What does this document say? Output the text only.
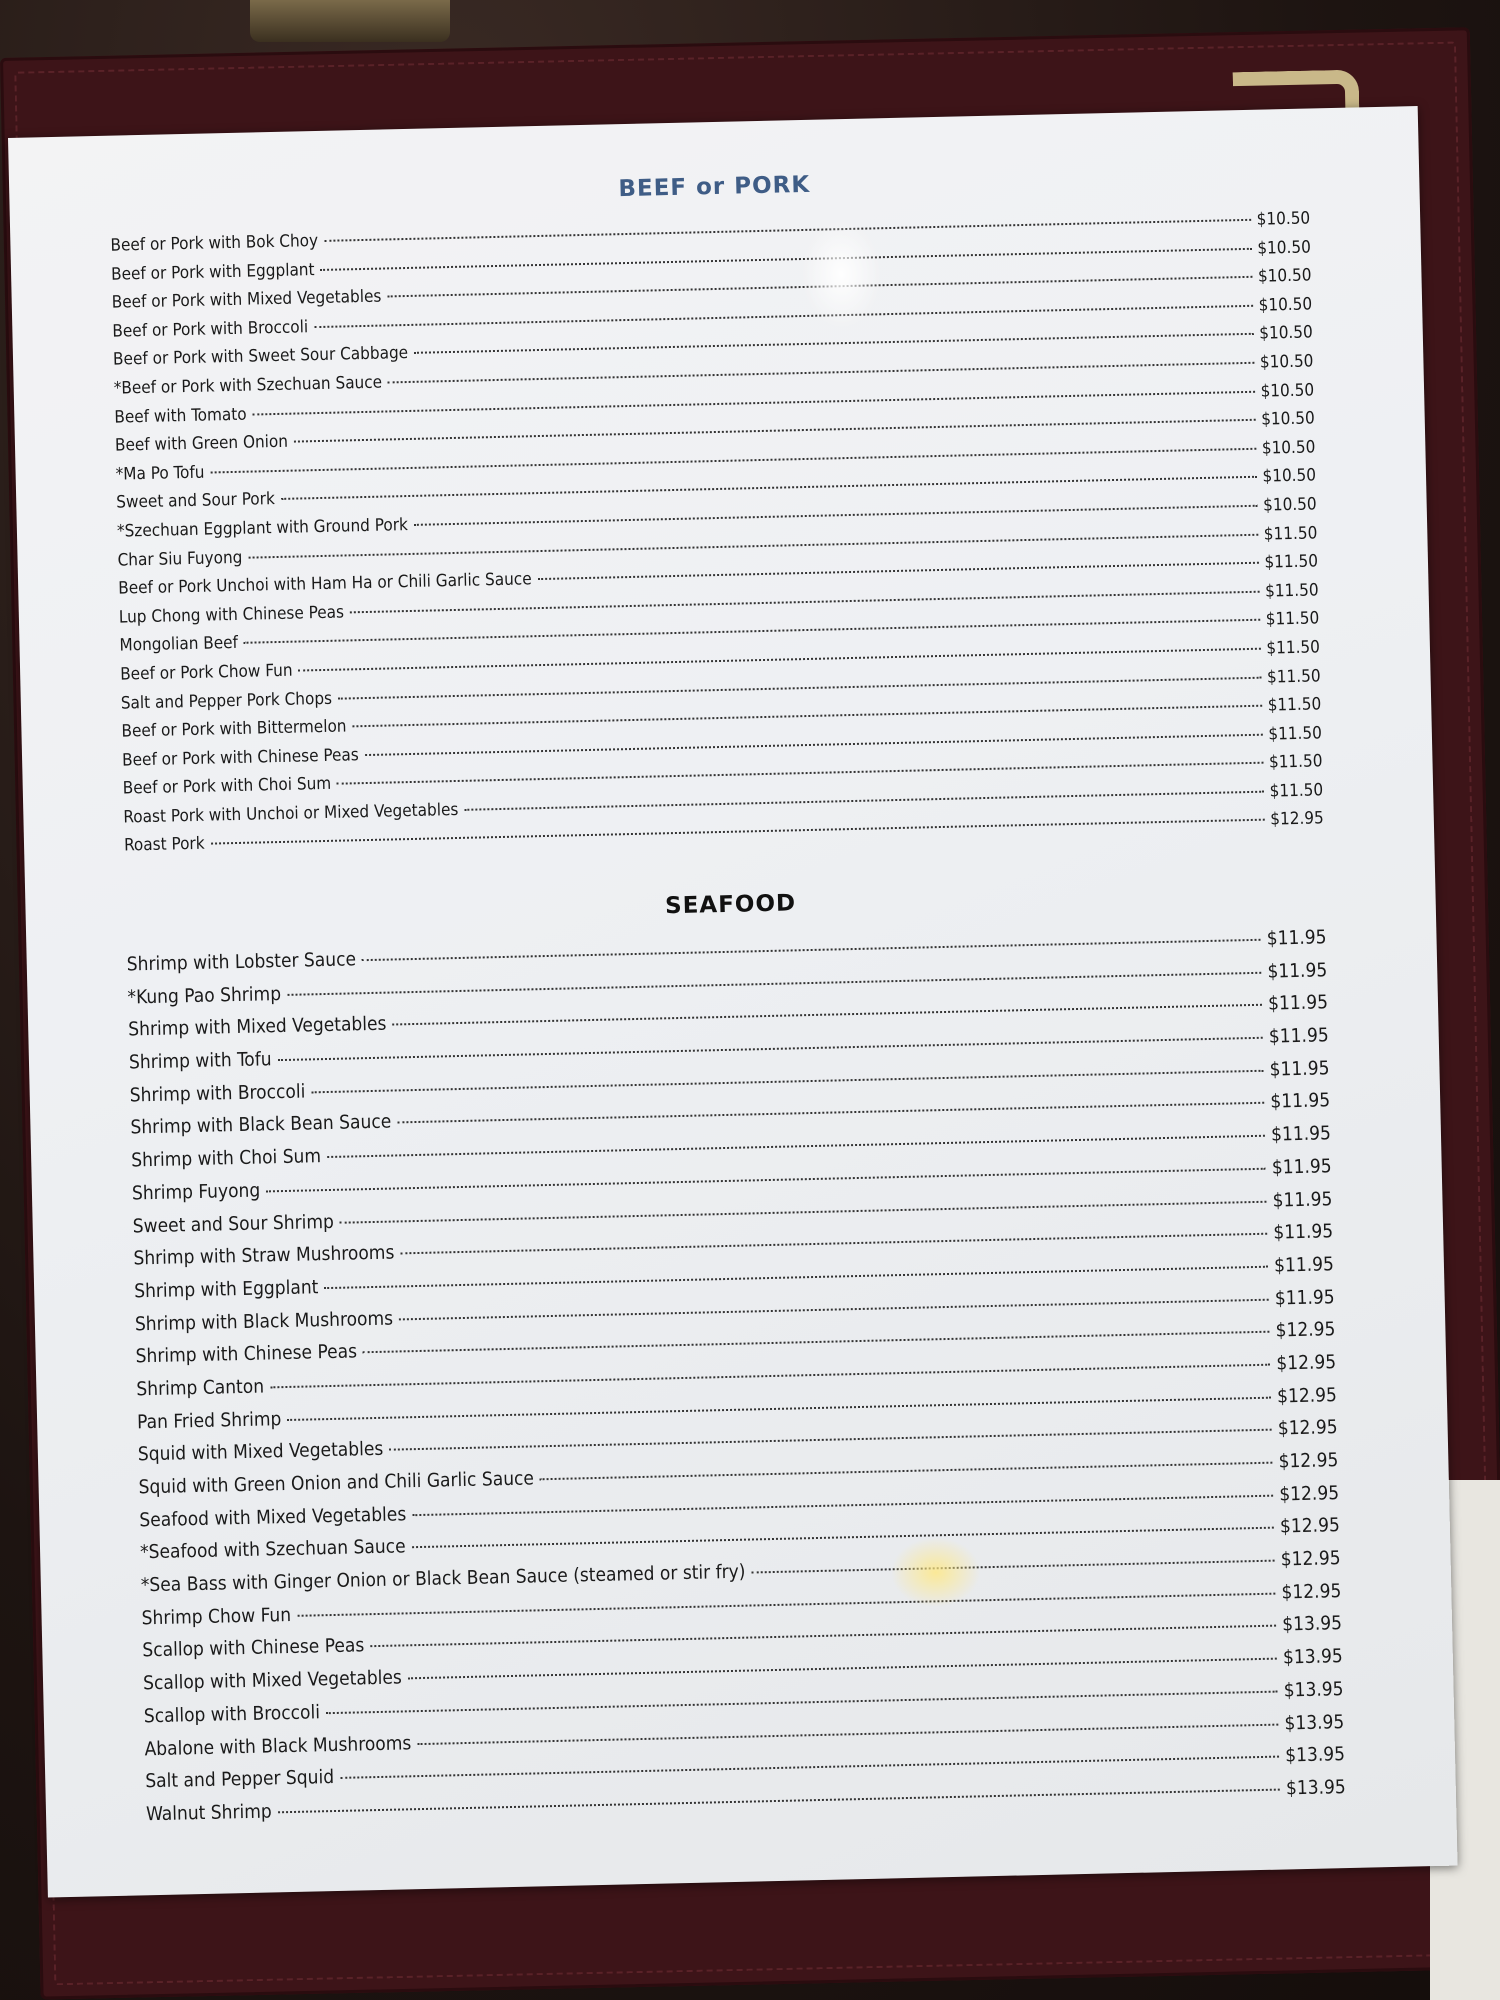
BEEF or PORK
Beef or Pork with Bok Choy
$10.50
Beef or Pork with Eggplant
$10.50
Beef or Pork with Mixed Vegetables
$10.50
Beef or Pork with Broccoli
$10.50
Beef or Pork with Sweet Sour Cabbage
$10.50
*Beef or Pork with Szechuan Sauce
$10.50
Beef with Tomato
$10.50
Beef with Green Onion
$10.50
*Ma Po Tofu
$10.50
Sweet and Sour Pork
$10.50
*Szechuan Eggplant with Ground Pork
$10.50
Char Siu Fuyong
$11.50
Beef or Pork Unchoi with Ham Ha or Chili Garlic Sauce
$11.50
Lup Chong with Chinese Peas
$11.50
Mongolian Beef
$11.50
Beef or Pork Chow Fun
$11.50
Salt and Pepper Pork Chops
$11.50
Beef or Pork with Bittermelon
$11.50
Beef or Pork with Chinese Peas
$11.50
Beef or Pork with Choi Sum
$11.50
Roast Pork with Unchoi or Mixed Vegetables
$11.50
Roast Pork
$12.95
SEAFOOD
Shrimp with Lobster Sauce
$11.95
*Kung Pao Shrimp
$11.95
Shrimp with Mixed Vegetables
$11.95
Shrimp with Tofu
$11.95
Shrimp with Broccoli
$11.95
Shrimp with Black Bean Sauce
$11.95
Shrimp with Choi Sum
$11.95
Shrimp Fuyong
$11.95
Sweet and Sour Shrimp
$11.95
Shrimp with Straw Mushrooms
$11.95
Shrimp with Eggplant
$11.95
Shrimp with Black Mushrooms
$11.95
Shrimp with Chinese Peas
$12.95
Shrimp Canton
$12.95
Pan Fried Shrimp
$12.95
Squid with Mixed Vegetables
$12.95
Squid with Green Onion and Chili Garlic Sauce
$12.95
Seafood with Mixed Vegetables
$12.95
*Seafood with Szechuan Sauce
$12.95
*Sea Bass with Ginger Onion or Black Bean Sauce (steamed or stir fry)
$12.95
Shrimp Chow Fun
$12.95
Scallop with Chinese Peas
$13.95
Scallop with Mixed Vegetables
$13.95
Scallop with Broccoli
$13.95
Abalone with Black Mushrooms
$13.95
Salt and Pepper Squid
$13.95
Walnut Shrimp
$13.95
